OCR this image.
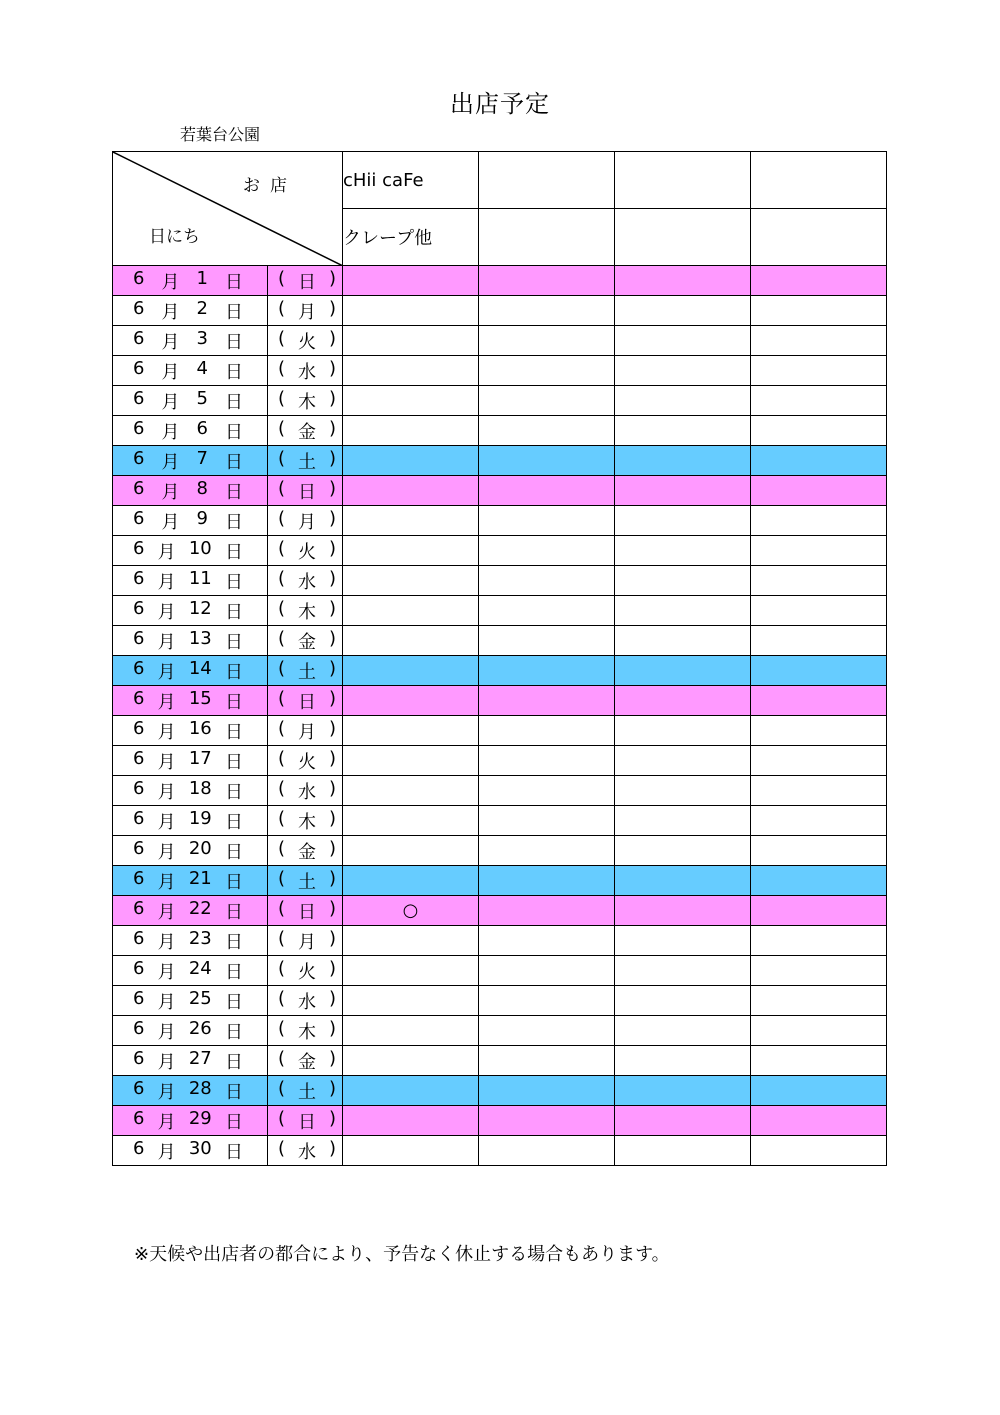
出店予定
若葉台公園
お店
日にち		cHii caFe			
		クレープ他			

6 月 1 日	( 日 )				

6 月 2 日	( 月 )				

6 月 3 日	( 火 )				

6 月 4 日	( 水 )				

6 月 5 日	( 木 )				

6 月 6 日	( 金 )				

6 月 7 日	( 土 )				

6 月 8 日	( 日 )				

6 月 9 日	( 月 )				

6 月 10 日	( 火 )				

6 月 11 日	( 水 )				

6 月 12 日	( 木 )				

6 月 13 日	( 金 )				

6 月 14 日	( 土 )				

6 月 15 日	( 日 )				

6 月 16 日	( 月 )				

6 月 17 日	( 火 )				

6 月 18 日	( 水 )				

6 月 19 日	( 木 )				

6 月 20 日	( 金 )				

6 月 21 日	( 土 )				

6 月 22 日	( 日 )	○			

6 月 23 日	( 月 )				

6 月 24 日	( 火 )				

6 月 25 日	( 水 )				

6 月 26 日	( 木 )				

6 月 27 日	( 金 )				

6 月 28 日	( 土 )				

6 月 29 日	( 日 )				

6 月 30 日	( 水 )				

※天候や出店者の都合により、予告なく休止する場合もあります。
